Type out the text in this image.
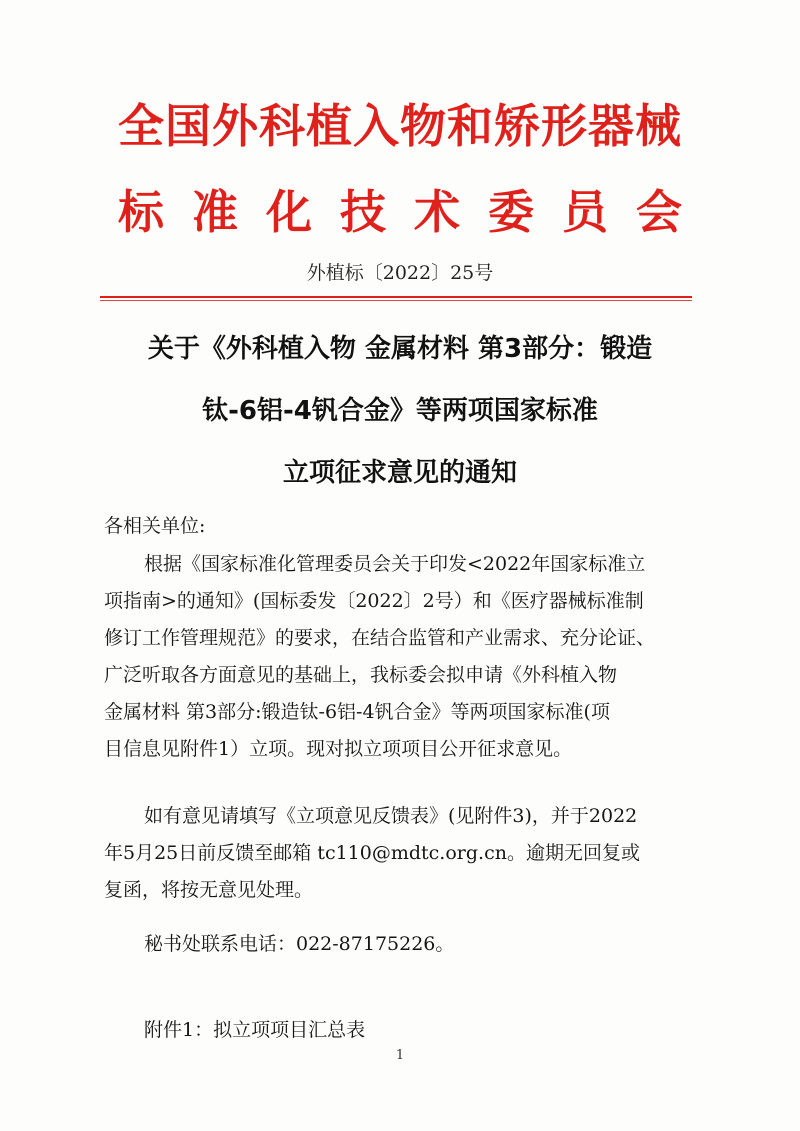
全国外科植入物和矫形器械
标准化技术委员会
外植标〔2022〕25号
关于《外科植入物 金属材料 第3部分：锻造
钛-6铝-4钒合金》等两项国家标准
立项征求意见的通知
各相关单位:
根据《国家标准化管理委员会关于印发<2022年国家标准立
项指南>的通知》(国标委发〔2022〕2号）和《医疗器械标准制
修订工作管理规范》的要求，在结合监管和产业需求、充分论证、
广泛听取各方面意见的基础上，我标委会拟申请《外科植入物
金属材料 第3部分:锻造钛-6铝-4钒合金》等两项国家标准(项
目信息见附件1）立项。现对拟立项项目公开征求意见。
如有意见请填写《立项意见反馈表》(见附件3)，并于2022
年5月25日前反馈至邮箱 tc110@mdtc.org.cn。逾期无回复或
复函，将按无意见处理。
秘书处联系电话：022-87175226。
附件1：拟立项项目汇总表
1
